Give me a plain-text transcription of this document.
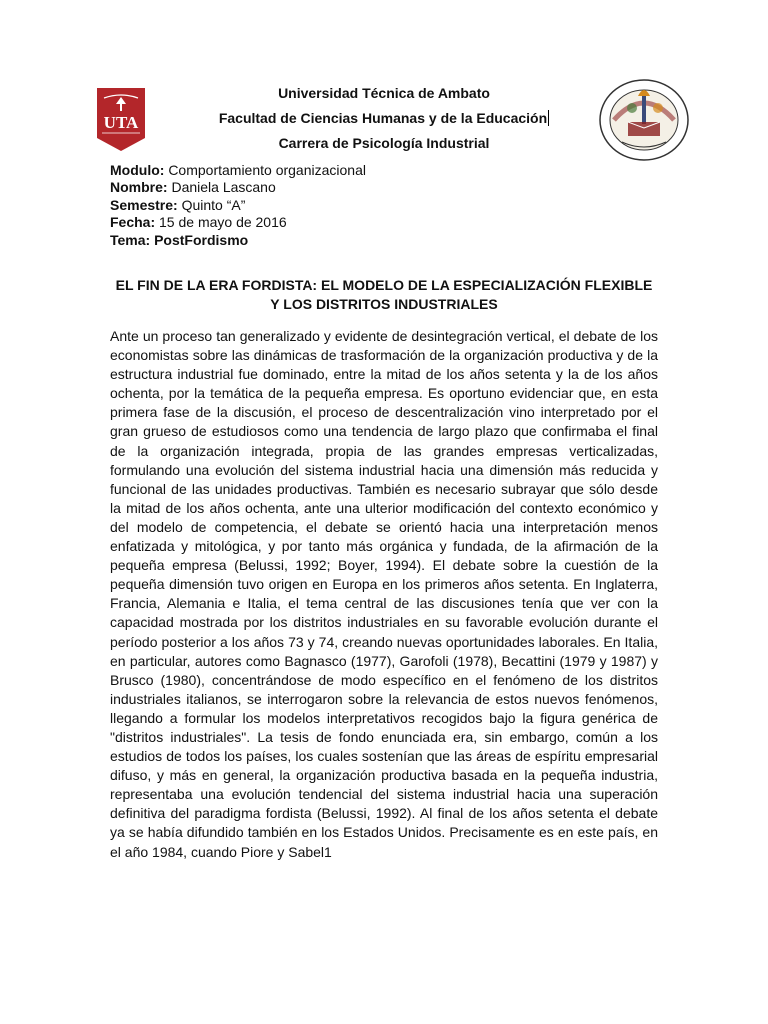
UTA
Universidad Técnica de Ambato
Facultad de Ciencias Humanas y de la Educación
Carrera de Psicología Industrial
Modulo: Comportamiento organizacional
Nombre: Daniela Lascano
Semestre: Quinto “A”
Fecha: 15 de mayo de 2016
Tema: PostFordismo
EL FIN DE LA ERA FORDISTA: EL MODELO DE LA ESPECIALIZACIÓN FLEXIBLE Y LOS DISTRITOS INDUSTRIALES

Ante un proceso tan generalizado y evidente de desintegración vertical, el debate de los economistas sobre las dinámicas de trasformación de la organización productiva y de la estructura industrial fue dominado, entre la mitad de los años setenta y la de los años ochenta, por la temática de la pequeña empresa. Es oportuno evidenciar que, en esta primera fase de la discusión, el proceso de descentralización vino interpretado por el gran grueso de estudiosos como una tendencia de largo plazo que confirmaba el final de la organización integrada, propia de las grandes empresas verticalizadas, formulando una evolución del sistema industrial hacia una dimensión más reducida y funcional de las unidades productivas. También es necesario subrayar que sólo desde la mitad de los años ochenta, ante una ulterior modificación del contexto económico y del modelo de competencia, el debate se orientó hacia una interpretación menos enfatizada y mitológica, y por tanto más orgánica y fundada, de la afirmación de la pequeña empresa (Belussi, 1992; Boyer, 1994). El debate sobre la cuestión de la pequeña dimensión tuvo origen en Europa en los primeros años setenta. En Inglaterra, Francia, Alemania e Italia, el tema central de las discusiones tenía que ver con la capacidad mostrada por los distritos industriales en su favorable evolución durante el período posterior a los años 73 y 74, creando nuevas oportunidades laborales. En Italia, en particular, autores como Bagnasco (1977), Garofoli (1978), Becattini (1979 y 1987) y Brusco (1980), concentrándose de modo específico en el fenómeno de los distritos industriales italianos, se interrogaron sobre la relevancia de estos nuevos fenómenos, llegando a formular los modelos interpretativos recogidos bajo la figura genérica de "distritos industriales". La tesis de fondo enunciada era, sin embargo, común a los estudios de todos los países, los cuales sostenían que las áreas de espíritu empresarial difuso, y más en general, la organización productiva basada en la pequeña industria, representaba una evolución tendencial del sistema industrial hacia una superación definitiva del paradigma fordista (Belussi, 1992). Al final de los años setenta el debate ya se había difundido también en los Estados Unidos. Precisamente es en este país, en el año 1984, cuando Piore y Sabel1
